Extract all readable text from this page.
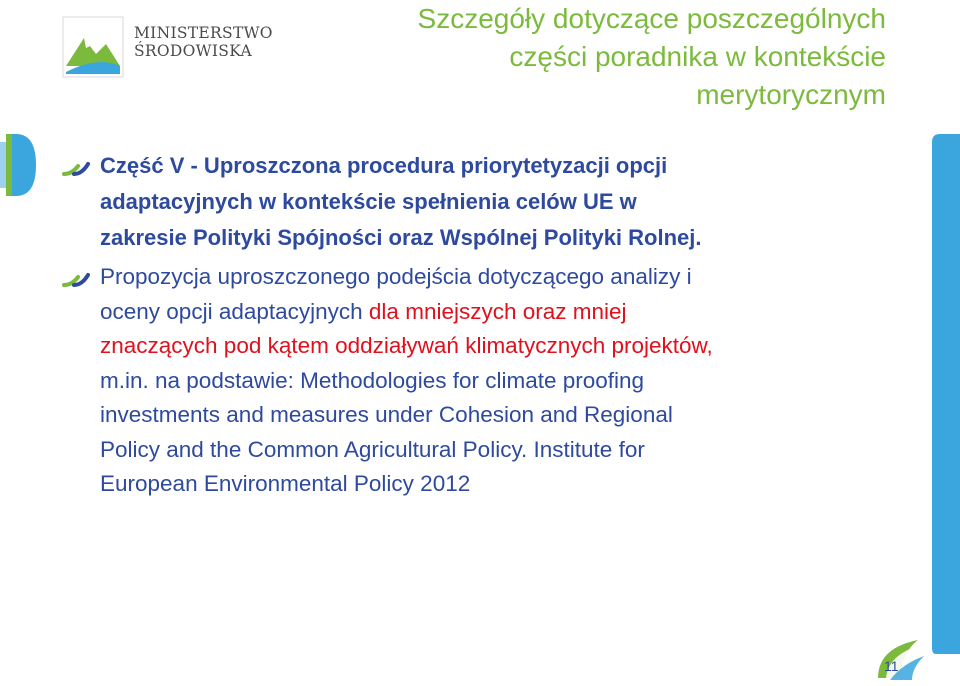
MINISTERSTWO
ŚRODOWISKA
Szczegóły dotyczące poszczególnych
części poradnika w kontekście
merytorycznym
Część V - Uproszczona procedura priorytetyzacji opcji
adaptacyjnych w kontekście spełnienia celów UE w
zakresie Polityki Spójności oraz Wspólnej Polityki Rolnej.
Propozycja uproszczonego podejścia dotyczącego analizy i
oceny opcji adaptacyjnych dla mniejszych oraz mniej
znaczących pod kątem oddziaływań klimatycznych projektów,
m.in. na podstawie: Methodologies for climate proofing
investments and measures under Cohesion and Regional
Policy and the Common Agricultural Policy. Institute for
European Environmental Policy 2012
11
